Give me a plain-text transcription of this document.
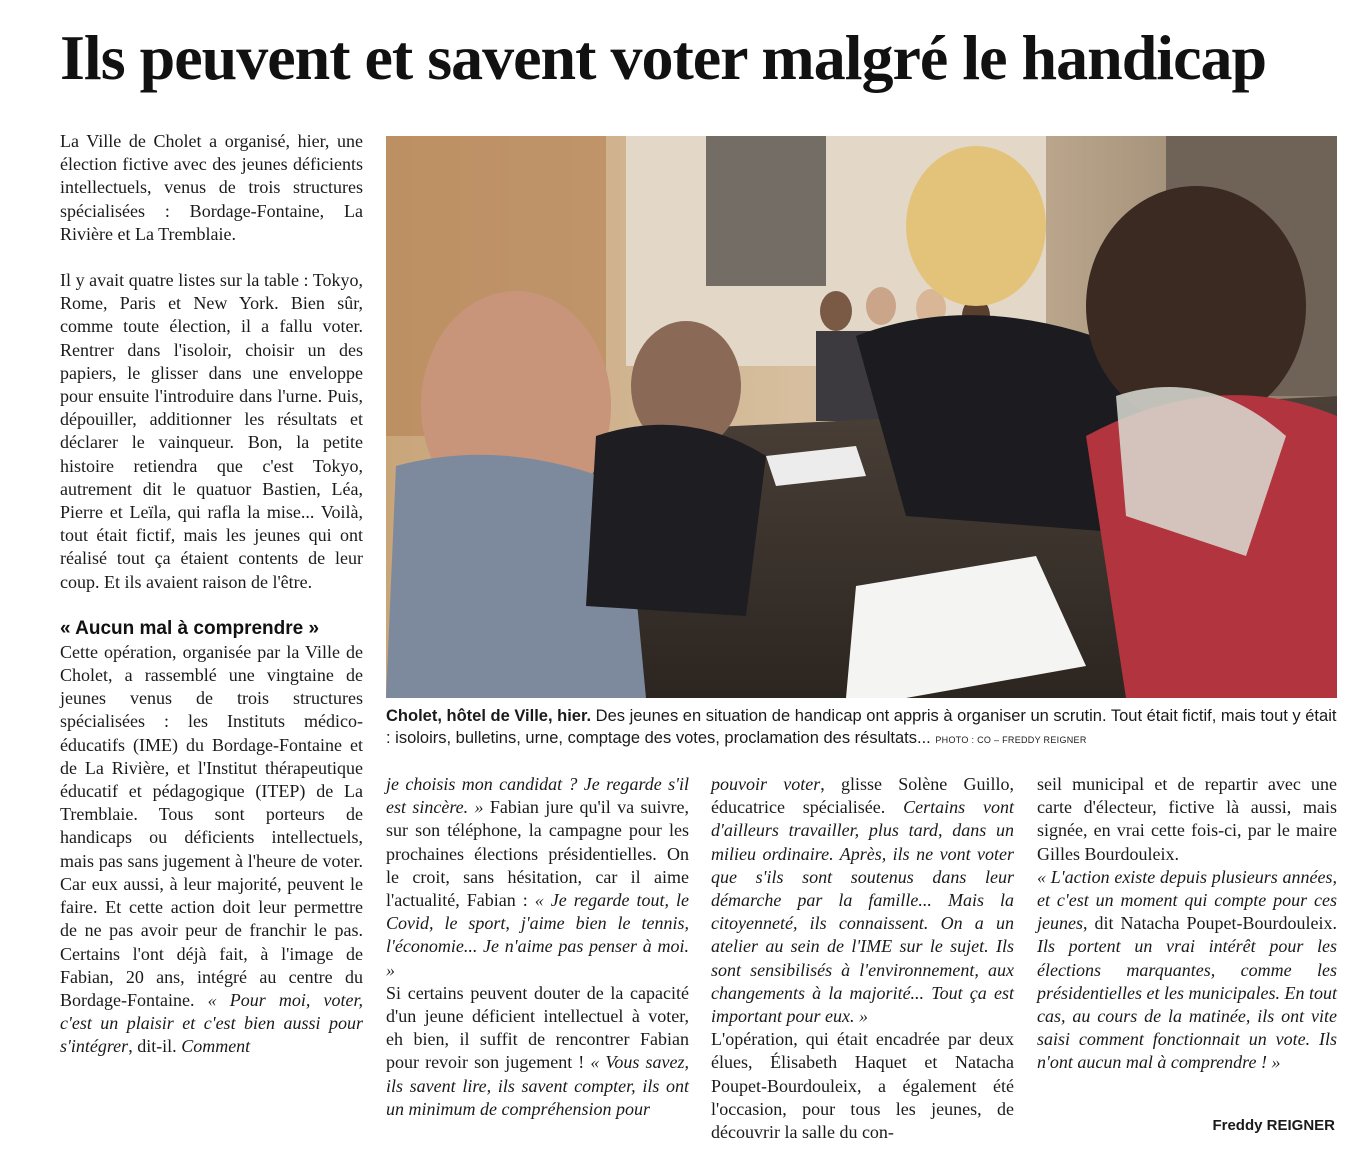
Ils peuvent et savent voter malgré le handicap

La Ville de Cholet a organisé, hier, une élection fictive avec des jeunes déficients intellectuels, venus de trois structures spécialisées : Bordage-Fontaine, La Rivière et La Tremblaie.

Il y avait quatre listes sur la table : Tokyo, Rome, Paris et New York. Bien sûr, comme toute élection, il a fallu voter. Rentrer dans l'isoloir, choisir un des papiers, le glisser dans une enveloppe pour ensuite l'introduire dans l'urne. Puis, dépouiller, additionner les résultats et déclarer le vainqueur. Bon, la petite histoire retiendra que c'est Tokyo, autrement dit le quatuor Bastien, Léa, Pierre et Leïla, qui rafla la mise... Voilà, tout était fictif, mais les jeunes qui ont réalisé tout ça étaient contents de leur coup. Et ils avaient raison de l'être.

« Aucun mal à comprendre »

Cette opération, organisée par la Ville de Cholet, a rassemblé une vingtaine de jeunes venus de trois structures spécialisées : les Instituts médico-éducatifs (IME) du Bordage-Fontaine et de La Rivière, et l'Institut thérapeutique éducatif et pédagogique (ITEP) de La Tremblaie. Tous sont porteurs de handicaps ou déficients intellectuels, mais pas sans jugement à l'heure de voter. Car eux aussi, à leur majorité, peuvent le faire. Et cette action doit leur permettre de ne pas avoir peur de franchir le pas. Certains l'ont déjà fait, à l'image de Fabian, 20 ans, intégré au centre du Bordage-Fontaine. « Pour moi, voter, c'est un plaisir et c'est bien aussi pour s'intégrer, dit-il. Comment

Cholet, hôtel de Ville, hier. Des jeunes en situation de handicap ont appris à organiser un scrutin. Tout était fictif, mais tout y était : isoloirs, bulletins, urne, comptage des votes, proclamation des résultats... PHOTO : CO – FREDDY REIGNER

je choisis mon candidat ? Je regarde s'il est sincère. » Fabian jure qu'il va suivre, sur son téléphone, la campagne pour les prochaines élections présidentielles. On le croit, sans hésitation, car il aime l'actualité, Fabian : « Je regarde tout, le Covid, le sport, j'aime bien le tennis, l'économie... Je n'aime pas penser à moi. »

Si certains peuvent douter de la capacité d'un jeune déficient intellectuel à voter, eh bien, il suffit de rencontrer Fabian pour revoir son jugement ! « Vous savez, ils savent lire, ils savent compter, ils ont un minimum de compréhension pour

pouvoir voter, glisse Solène Guillo, éducatrice spécialisée. Certains vont d'ailleurs travailler, plus tard, dans un milieu ordinaire. Après, ils ne vont voter que s'ils sont soutenus dans leur démarche par la famille... Mais la citoyenneté, ils connaissent. On a un atelier au sein de l'IME sur le sujet. Ils sont sensibilisés à l'environnement, aux changements à la majorité... Tout ça est important pour eux. »

L'opération, qui était encadrée par deux élues, Élisabeth Haquet et Natacha Poupet-Bourdouleix, a également été l'occasion, pour tous les jeunes, de découvrir la salle du con-

seil municipal et de repartir avec une carte d'électeur, fictive là aussi, mais signée, en vrai cette fois-ci, par le maire Gilles Bourdouleix.

« L'action existe depuis plusieurs années, et c'est un moment qui compte pour ces jeunes, dit Natacha Poupet-Bourdouleix. Ils portent un vrai intérêt pour les élections marquantes, comme les présidentielles et les municipales. En tout cas, au cours de la matinée, ils ont vite saisi comment fonctionnait un vote. Ils n'ont aucun mal à comprendre ! »

Freddy REIGNER
